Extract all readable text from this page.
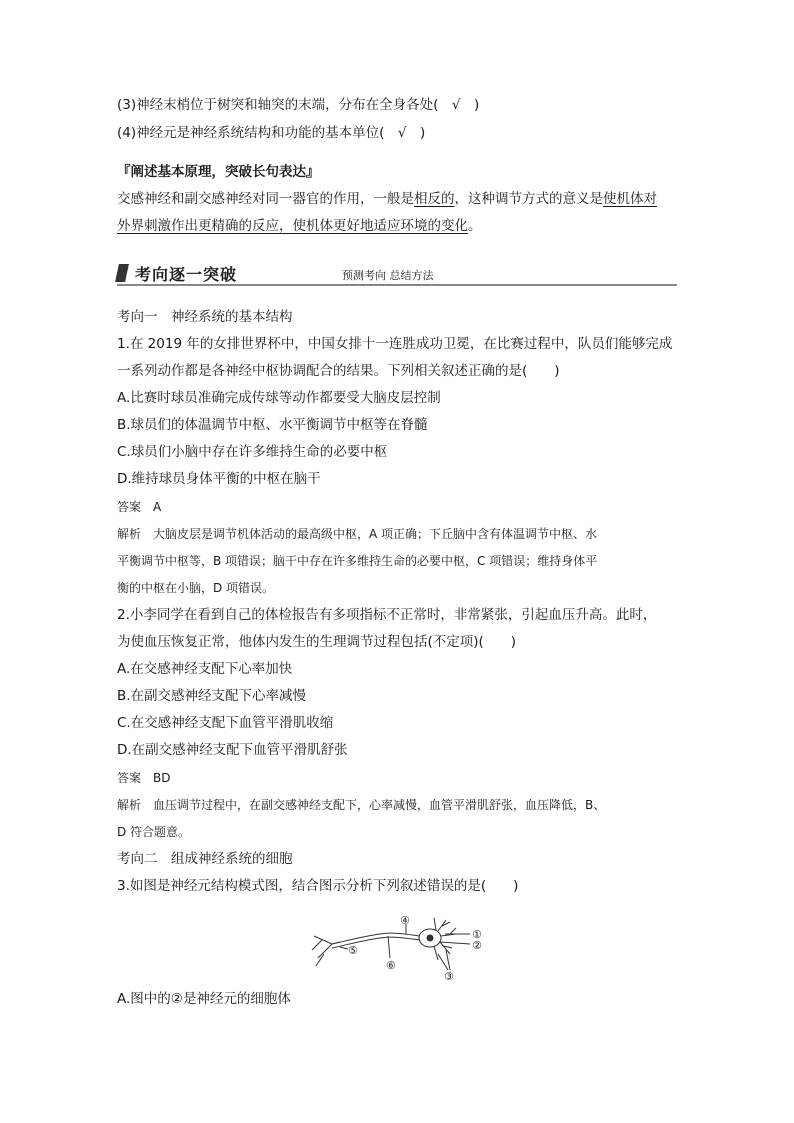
(3)神经末梢位于树突和轴突的末端，分布在全身各处(　√　)
(4)神经元是神经系统结构和功能的基本单位(　√　)
『阐述基本原理，突破长句表达』
交感神经和副交感神经对同一器官的作用，一般是相反的，这种调节方式的意义是使机体对
外界刺激作出更精确的反应，使机体更好地适应环境的变化。
考向逐一突破	预测考向 总结方法
考向一　神经系统的基本结构
1.在 2019 年的女排世界杯中，中国女排十一连胜成功卫冕，在比赛过程中，队员们能够完成
一系列动作都是各神经中枢协调配合的结果。下列相关叙述正确的是(　　)
A.比赛时球员准确完成传球等动作都要受大脑皮层控制
B.球员们的体温调节中枢、水平衡调节中枢等在脊髓
C.球员们小脑中存在许多维持生命的必要中枢
D.维持球员身体平衡的中枢在脑干
答案　A
解析　大脑皮层是调节机体活动的最高级中枢，A 项正确；下丘脑中含有体温调节中枢、水
平衡调节中枢等，B 项错误；脑干中存在许多维持生命的必要中枢，C 项错误；维持身体平
衡的中枢在小脑，D 项错误。
2.小李同学在看到自己的体检报告有多项指标不正常时，非常紧张，引起血压升高。此时，
为使血压恢复正常，他体内发生的生理调节过程包括(不定项)(　　)
A.在交感神经支配下心率加快
B.在副交感神经支配下心率减慢
C.在交感神经支配下血管平滑肌收缩
D.在副交感神经支配下血管平滑肌舒张
答案　BD
解析　血压调节过程中，在副交感神经支配下，心率减慢，血管平滑肌舒张，血压降低，B、
D 符合题意。
考向二　组成神经系统的细胞
3.如图是神经元结构模式图，结合图示分析下列叙述错误的是(　　)
①
②
③
④
⑤
⑥
A.图中的②是神经元的细胞体
